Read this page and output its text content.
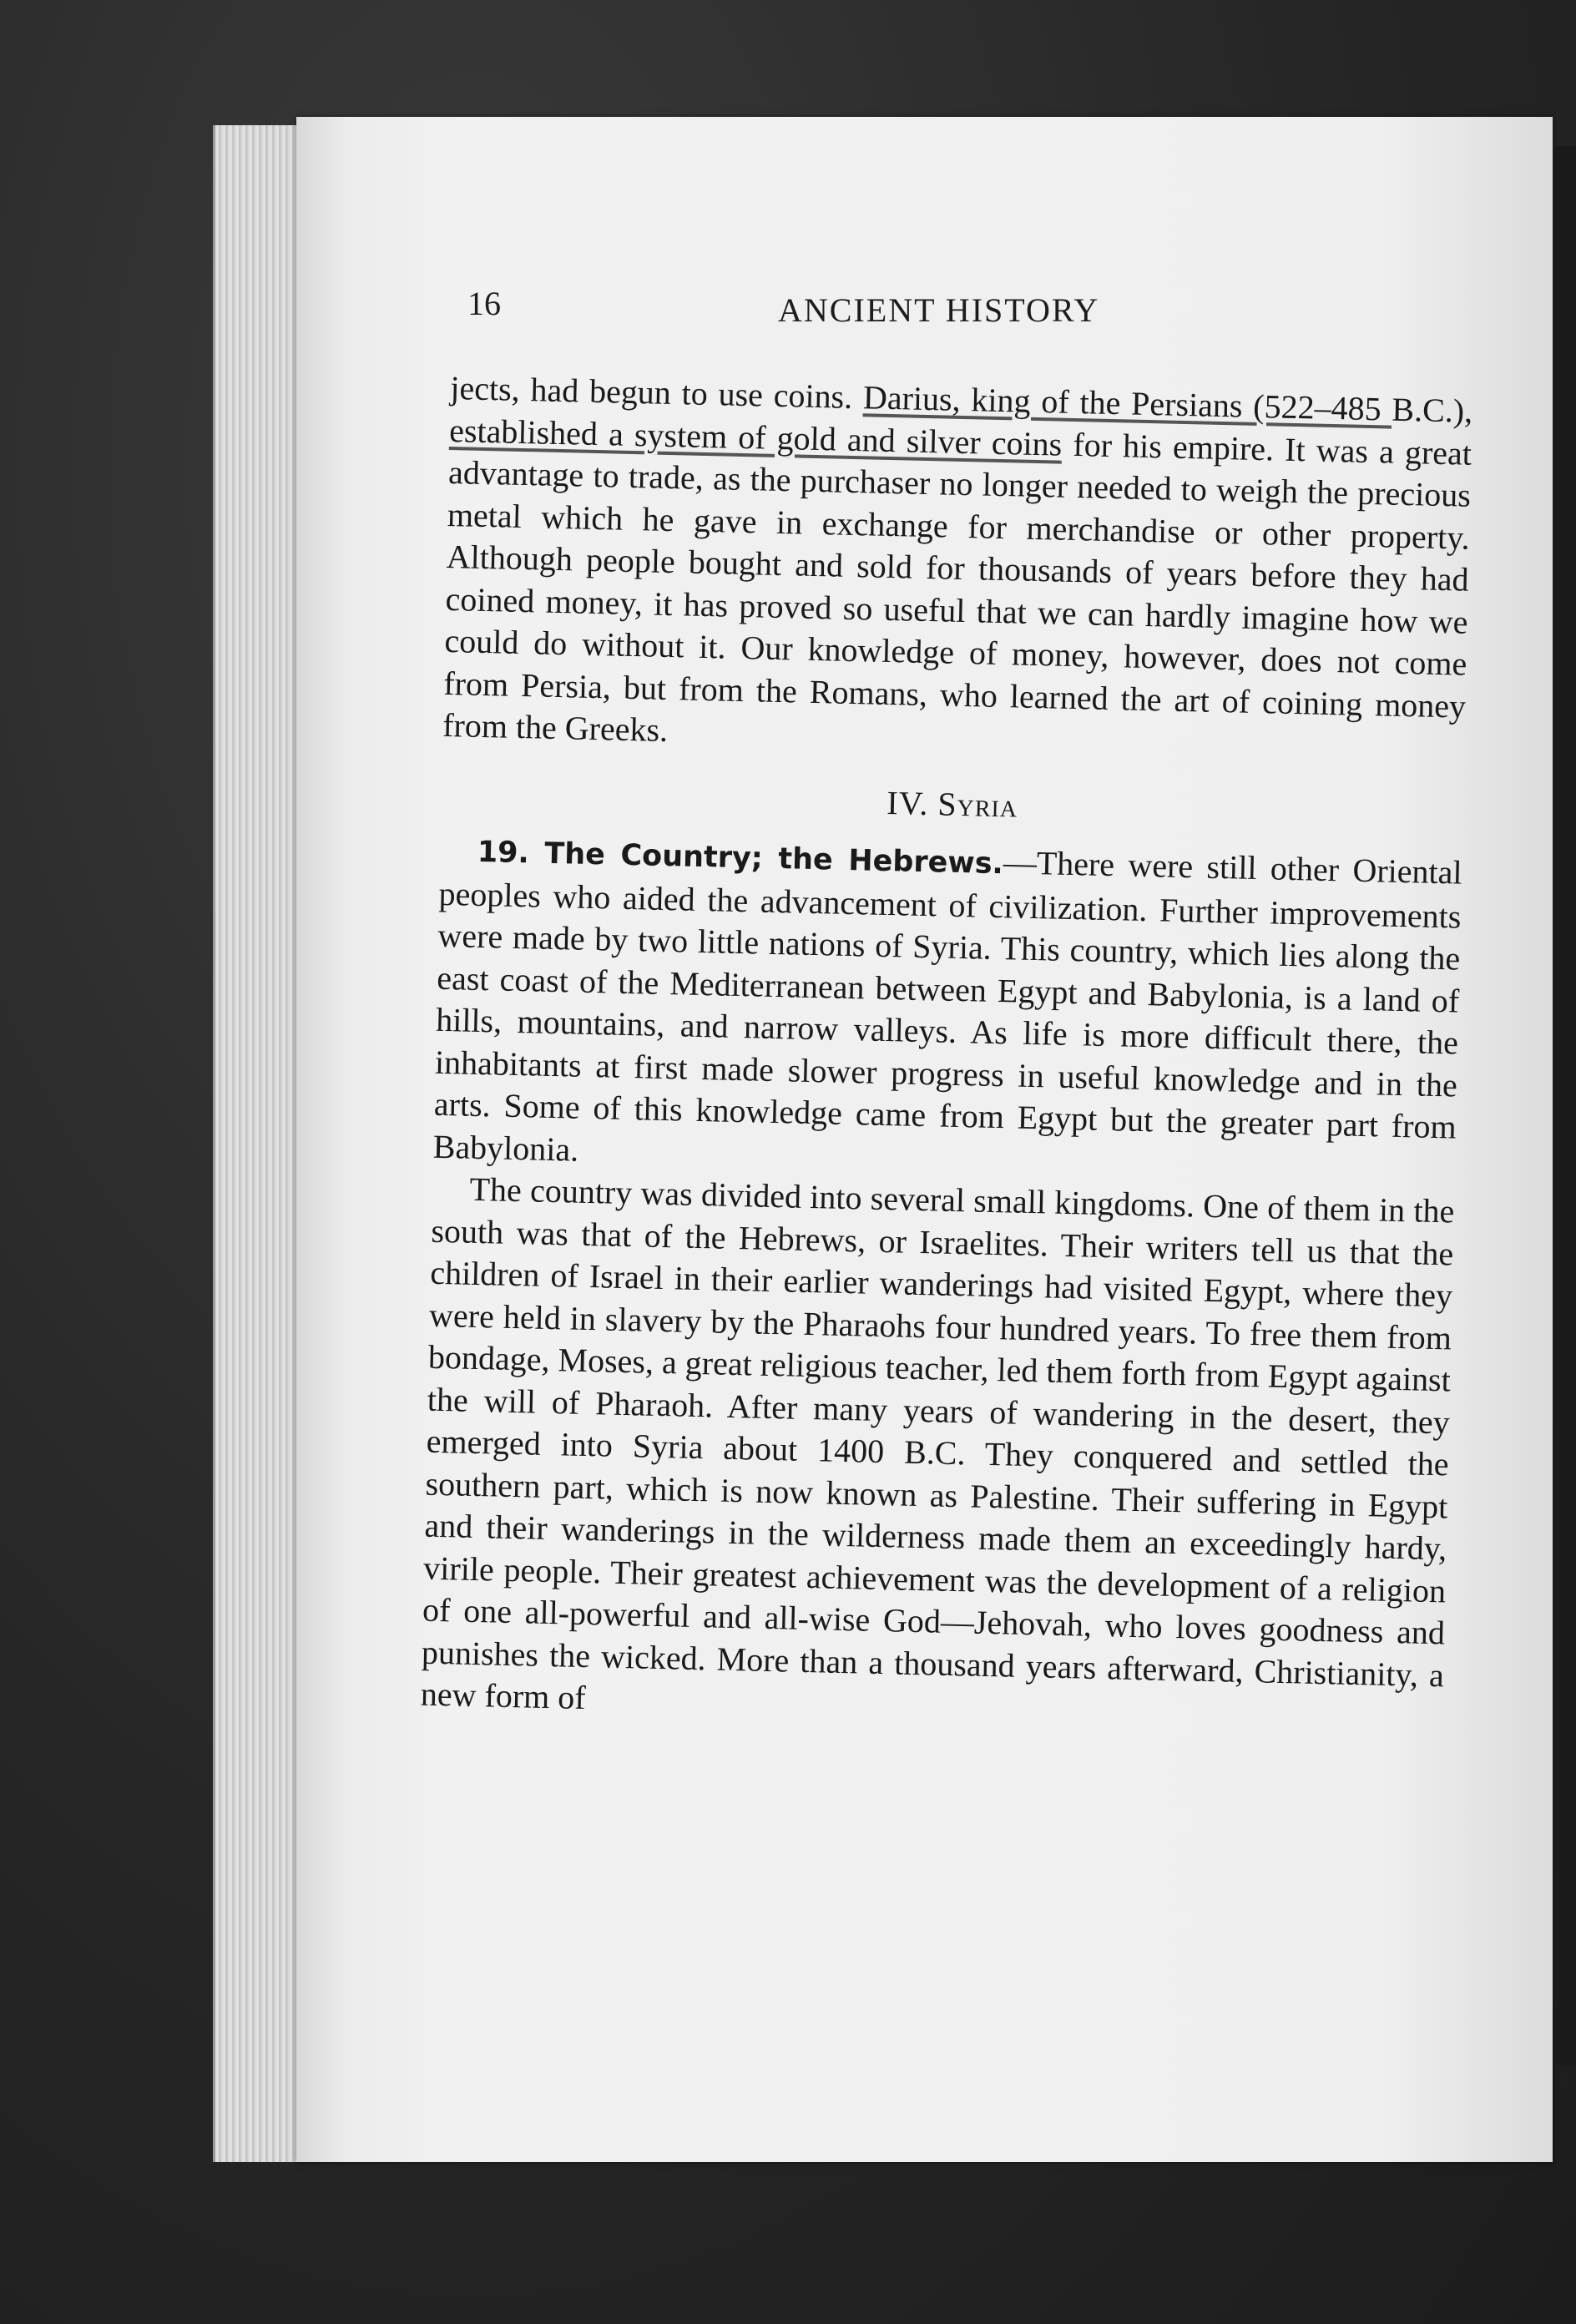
16	ANCIENT HISTORY

jects, had begun to use coins. Darius, king of the Persians (522–485 B.C.), established a system of gold and silver coins for his empire. It was a great advantage to trade, as the purchaser no longer needed to weigh the precious metal which he gave in exchange for merchandise or other property. Although people bought and sold for thousands of years before they had coined money, it has proved so useful that we can hardly imagine how we could do without it. Our knowledge of money, however, does not come from Persia, but from the Romans, who learned the art of coining money from the Greeks.

IV. Syria

19. The Country; the Hebrews.—There were still other Oriental peoples who aided the advancement of civilization. Further improvements were made by two little nations of Syria. This country, which lies along the east coast of the Mediterranean between Egypt and Babylonia, is a land of hills, mountains, and narrow valleys. As life is more difficult there, the inhabitants at first made slower progress in useful knowledge and in the arts. Some of this knowledge came from Egypt but the greater part from Babylonia.

The country was divided into several small kingdoms. One of them in the south was that of the Hebrews, or Israelites. Their writers tell us that the children of Israel in their earlier wanderings had visited Egypt, where they were held in slavery by the Pharaohs four hundred years. To free them from bondage, Moses, a great religious teacher, led them forth from Egypt against the will of Pharaoh. After many years of wandering in the desert, they emerged into Syria about 1400 B.C. They conquered and settled the southern part, which is now known as Palestine. Their suffering in Egypt and their wanderings in the wilderness made them an exceedingly hardy, virile people. Their greatest achievement was the development of a religion of one all-powerful and all-wise God—Jehovah, who loves goodness and punishes the wicked. More than a thousand years afterward, Christianity, a new form of
